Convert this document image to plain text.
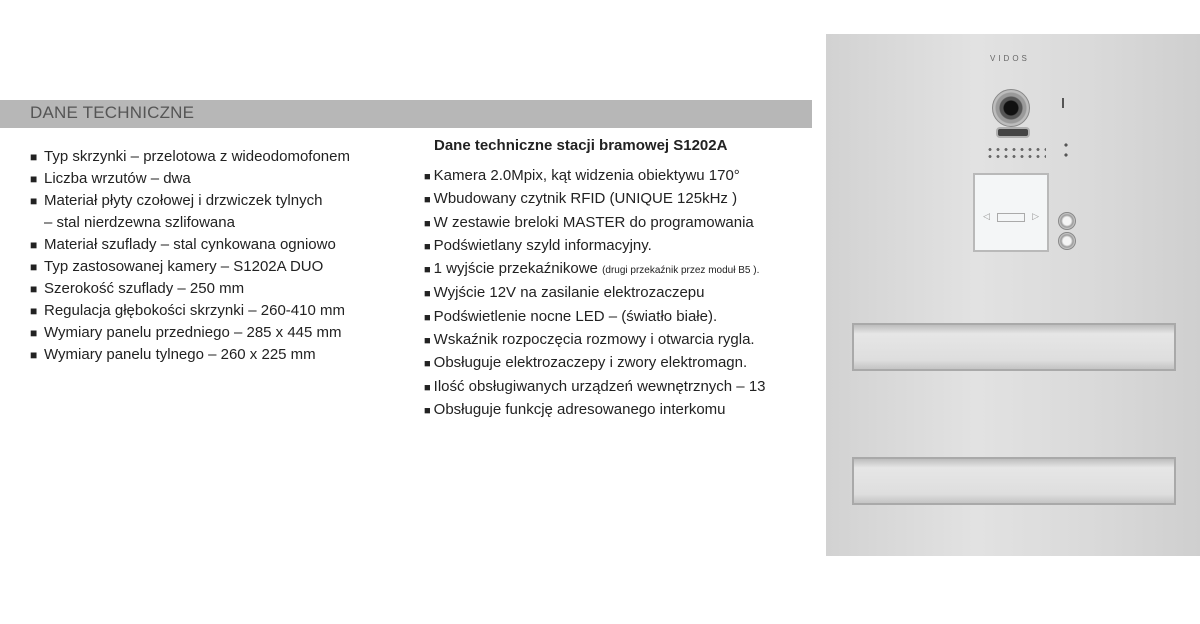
DANE TECHNICZNE
■ Typ skrzynki – przelotowa z wideodomofonem
■ Liczba wrzutów – dwa
■ Materiał płyty czołowej i drzwiczek tylnych
– stal nierdzewna szlifowana
■ Materiał szuflady – stal cynkowana ogniowo
■ Typ zastosowanej kamery – S1202A DUO
■ Szerokość szuflady – 250 mm
■ Regulacja głębokości skrzynki – 260-410 mm
■ Wymiary panelu przedniego – 285 x 445 mm
■ Wymiary panelu tylnego – 260 x 225 mm
Dane techniczne stacji bramowej S1202A
■ Kamera 2.0Mpix, kąt widzenia obiektywu 170°
■ Wbudowany czytnik RFID (UNIQUE 125kHz )
■ W zestawie breloki MASTER do programowania
■ Podświetlany szyld informacyjny.
■ 1 wyjście przekaźnikowe (drugi przekaźnik przez moduł B5 ).
■ Wyjście 12V na zasilanie elektrozaczepu
■ Podświetlenie nocne LED – (światło białe).
■ Wskaźnik rozpoczęcia rozmowy i otwarcia rygla.
■ Obsługuje elektrozaczepy i zwory elektromagn.
■ Ilość obsługiwanych urządzeń wewnętrznych – 13
■ Obsługuje funkcję adresowanego interkomu
VIDOS
◁	▷
